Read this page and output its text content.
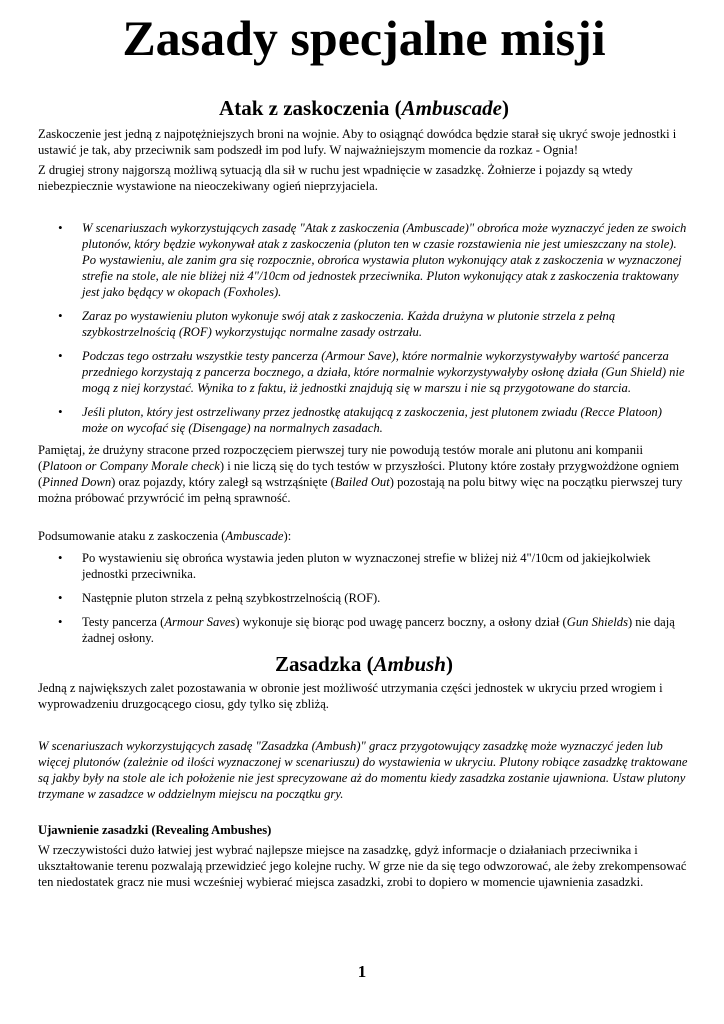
Zasady specjalne misji
Atak z zaskoczenia (Ambuscade)

Zaskoczenie jest jedną z najpotężniejszych broni na wojnie. Aby to osiągnąć dowódca będzie starał się ukryć swoje jednostki i ustawić je tak, aby przeciwnik sam podszedł im pod lufy. W najważniejszym momencie da rozkaz - Ognia!

Z drugiej strony najgorszą możliwą sytuacją dla sił w ruchu jest wpadnięcie w zasadzkę. Żołnierze i pojazdy są wtedy niebezpiecznie wystawione na nieoczekiwany ogień nieprzyjaciela.

• W scenariuszach wykorzystujących zasadę "Atak z zaskoczenia (Ambuscade)" obrońca może wyznaczyć jeden ze swoich plutonów, który będzie wykonywał atak z zaskoczenia (pluton ten w czasie rozstawienia nie jest umieszczany na stole). Po wystawieniu, ale zanim gra się rozpocznie, obrońca wystawia pluton wykonujący atak z zaskoczenia w wyznaczonej strefie na stole, ale nie bliżej niż 4"/10cm od jednostek przeciwnika. Pluton wykonujący atak z zaskoczenia traktowany jest jako będący w okopach (Foxholes).
• Zaraz po wystawieniu pluton wykonuje swój atak z zaskoczenia. Każda drużyna w plutonie strzela z pełną szybkostrzelnością (ROF) wykorzystując normalne zasady ostrzału.
• Podczas tego ostrzału wszystkie testy pancerza (Armour Save), które normalnie wykorzystywałyby wartość pancerza przedniego korzystają z pancerza bocznego, a działa, które normalnie wykorzystywałyby osłonę działa (Gun Shield) nie mogą z niej korzystać. Wynika to z faktu, iż jednostki znajdują się w marszu i nie są przygotowane do starcia.
• Jeśli pluton, który jest ostrzeliwany przez jednostkę atakującą z zaskoczenia, jest plutonem zwiadu (Recce Platoon) może on wycofać się (Disengage) na normalnych zasadach.

Pamiętaj, że drużyny stracone przed rozpoczęciem pierwszej tury nie powodują testów morale ani plutonu ani kompanii (Platoon or Company Morale check) i nie liczą się do tych testów w przyszłości. Plutony które zostały przygwożdżone ogniem (Pinned Down) oraz pojazdy, który zaległ są wstrząśnięte (Bailed Out) pozostają na polu bitwy więc na początku pierwszej tury można próbować przywrócić im pełną sprawność.

Podsumowanie ataku z zaskoczenia (Ambuscade):

• Po wystawieniu się obrońca wystawia jeden pluton w wyznaczonej strefie w bliżej niż 4"/10cm od jakiejkolwiek jednostki przeciwnika.
• Następnie pluton strzela z pełną szybkostrzelnością (ROF).
• Testy pancerza (Armour Saves) wykonuje się biorąc pod uwagę pancerz boczny, a osłony dział (Gun Shields) nie dają żadnej osłony.
Zasadzka (Ambush)

Jedną z największych zalet pozostawania w obronie jest możliwość utrzymania części jednostek w ukryciu przed wrogiem i wyprowadzeniu druzgocącego ciosu, gdy tylko się zbliżą.

W scenariuszach wykorzystujących zasadę "Zasadzka (Ambush)" gracz przygotowujący zasadzkę może wyznaczyć jeden lub więcej plutonów (zależnie od ilości wyznaczonej w scenariuszu) do wystawienia w ukryciu. Plutony robiące zasadzkę traktowane są jakby były na stole ale ich położenie nie jest sprecyzowane aż do momentu kiedy zasadzka zostanie ujawniona. Ustaw plutony trzymane w zasadzce w oddzielnym miejscu na początku gry.

Ujawnienie zasadzki (Revealing Ambushes)

W rzeczywistości dużo łatwiej jest wybrać najlepsze miejsce na zasadzkę, gdyż informacje o działaniach przeciwnika i ukształtowanie terenu pozwalają przewidzieć jego kolejne ruchy. W grze nie da się tego odwzorować, ale żeby zrekompensować ten niedostatek gracz nie musi wcześniej wybierać miejsca zasadzki, zrobi to dopiero w momencie ujawnienia zasadzki.

1
